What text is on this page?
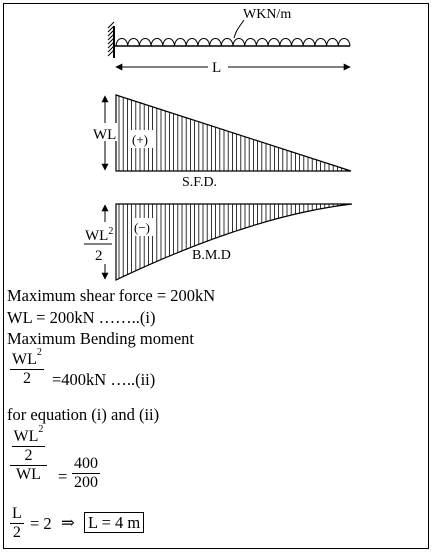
WKN/m
L
WL (+)
S.F.D.
$WL^2$
2
(−)
B.M.D
Maximum shear force = 200kN
WL = 200kN ……..(i)
Maximum Bending moment
$\frac{WL^2}{2} =400kN$ …..(ii)
for equation (i) and (ii)
$\frac{\frac{WL^2}{2}}{WL} = \frac{400}{200}$
$\frac{L}{2} = 2$ ⇒ L = 4 m
